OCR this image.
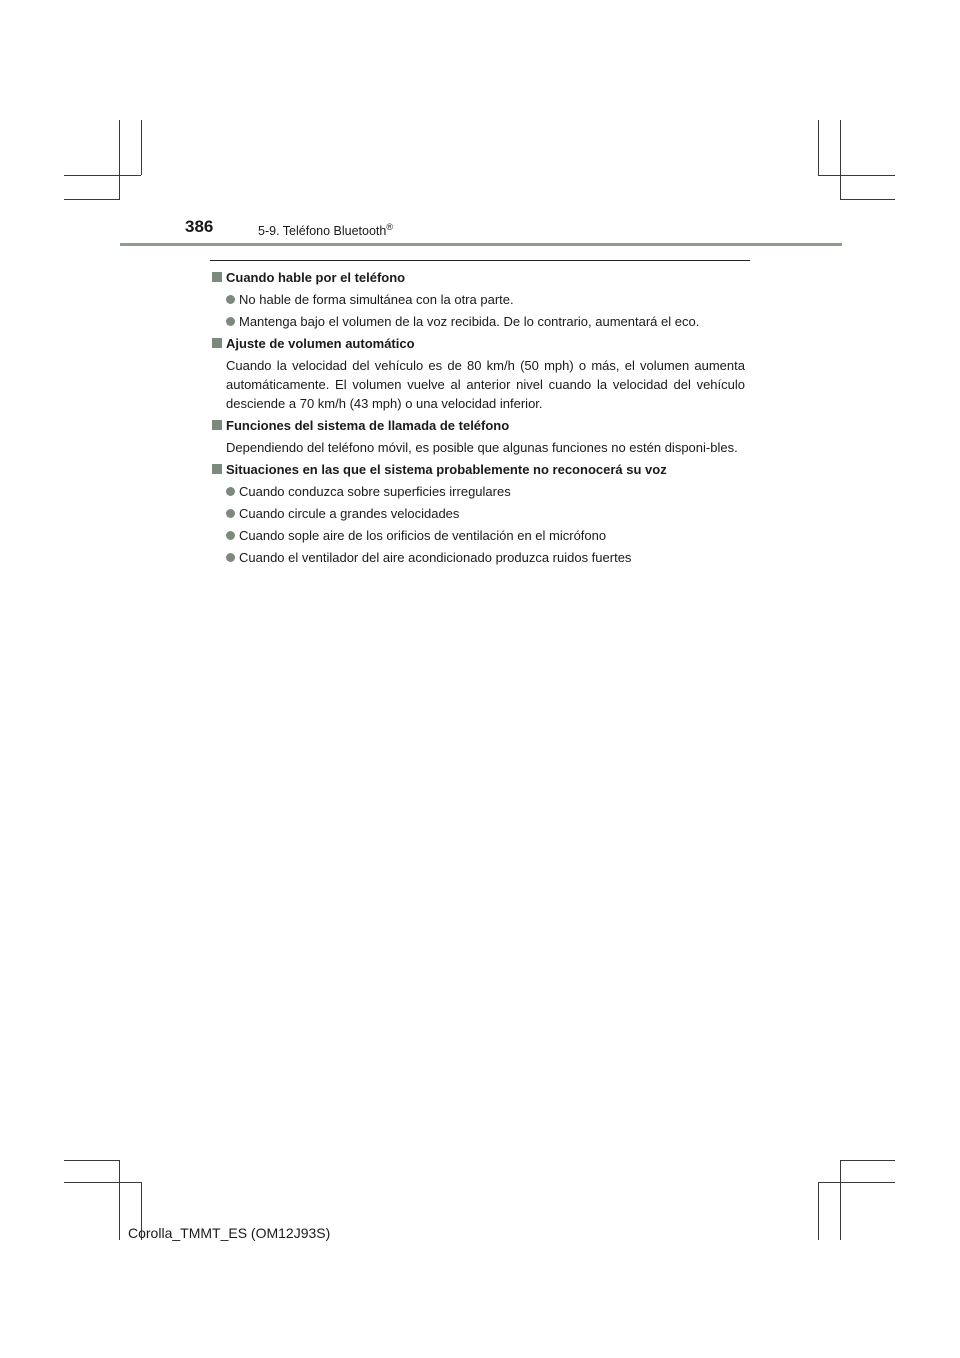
386	5-9. Teléfono Bluetooth®
Cuando hable por el teléfono
No hable de forma simultánea con la otra parte.
Mantenga bajo el volumen de la voz recibida. De lo contrario, aumentará el eco.
Ajuste de volumen automático
Cuando la velocidad del vehículo es de 80 km/h (50 mph) o más, el volumen aumenta automáticamente. El volumen vuelve al anterior nivel cuando la velocidad del vehículo desciende a 70 km/h (43 mph) o una velocidad inferior.
Funciones del sistema de llamada de teléfono
Dependiendo del teléfono móvil, es posible que algunas funciones no estén disponi-bles.
Situaciones en las que el sistema probablemente no reconocerá su voz
Cuando conduzca sobre superficies irregulares
Cuando circule a grandes velocidades
Cuando sople aire de los orificios de ventilación en el micrófono
Cuando el ventilador del aire acondicionado produzca ruidos fuertes
Corolla_TMMT_ES (OM12J93S)
